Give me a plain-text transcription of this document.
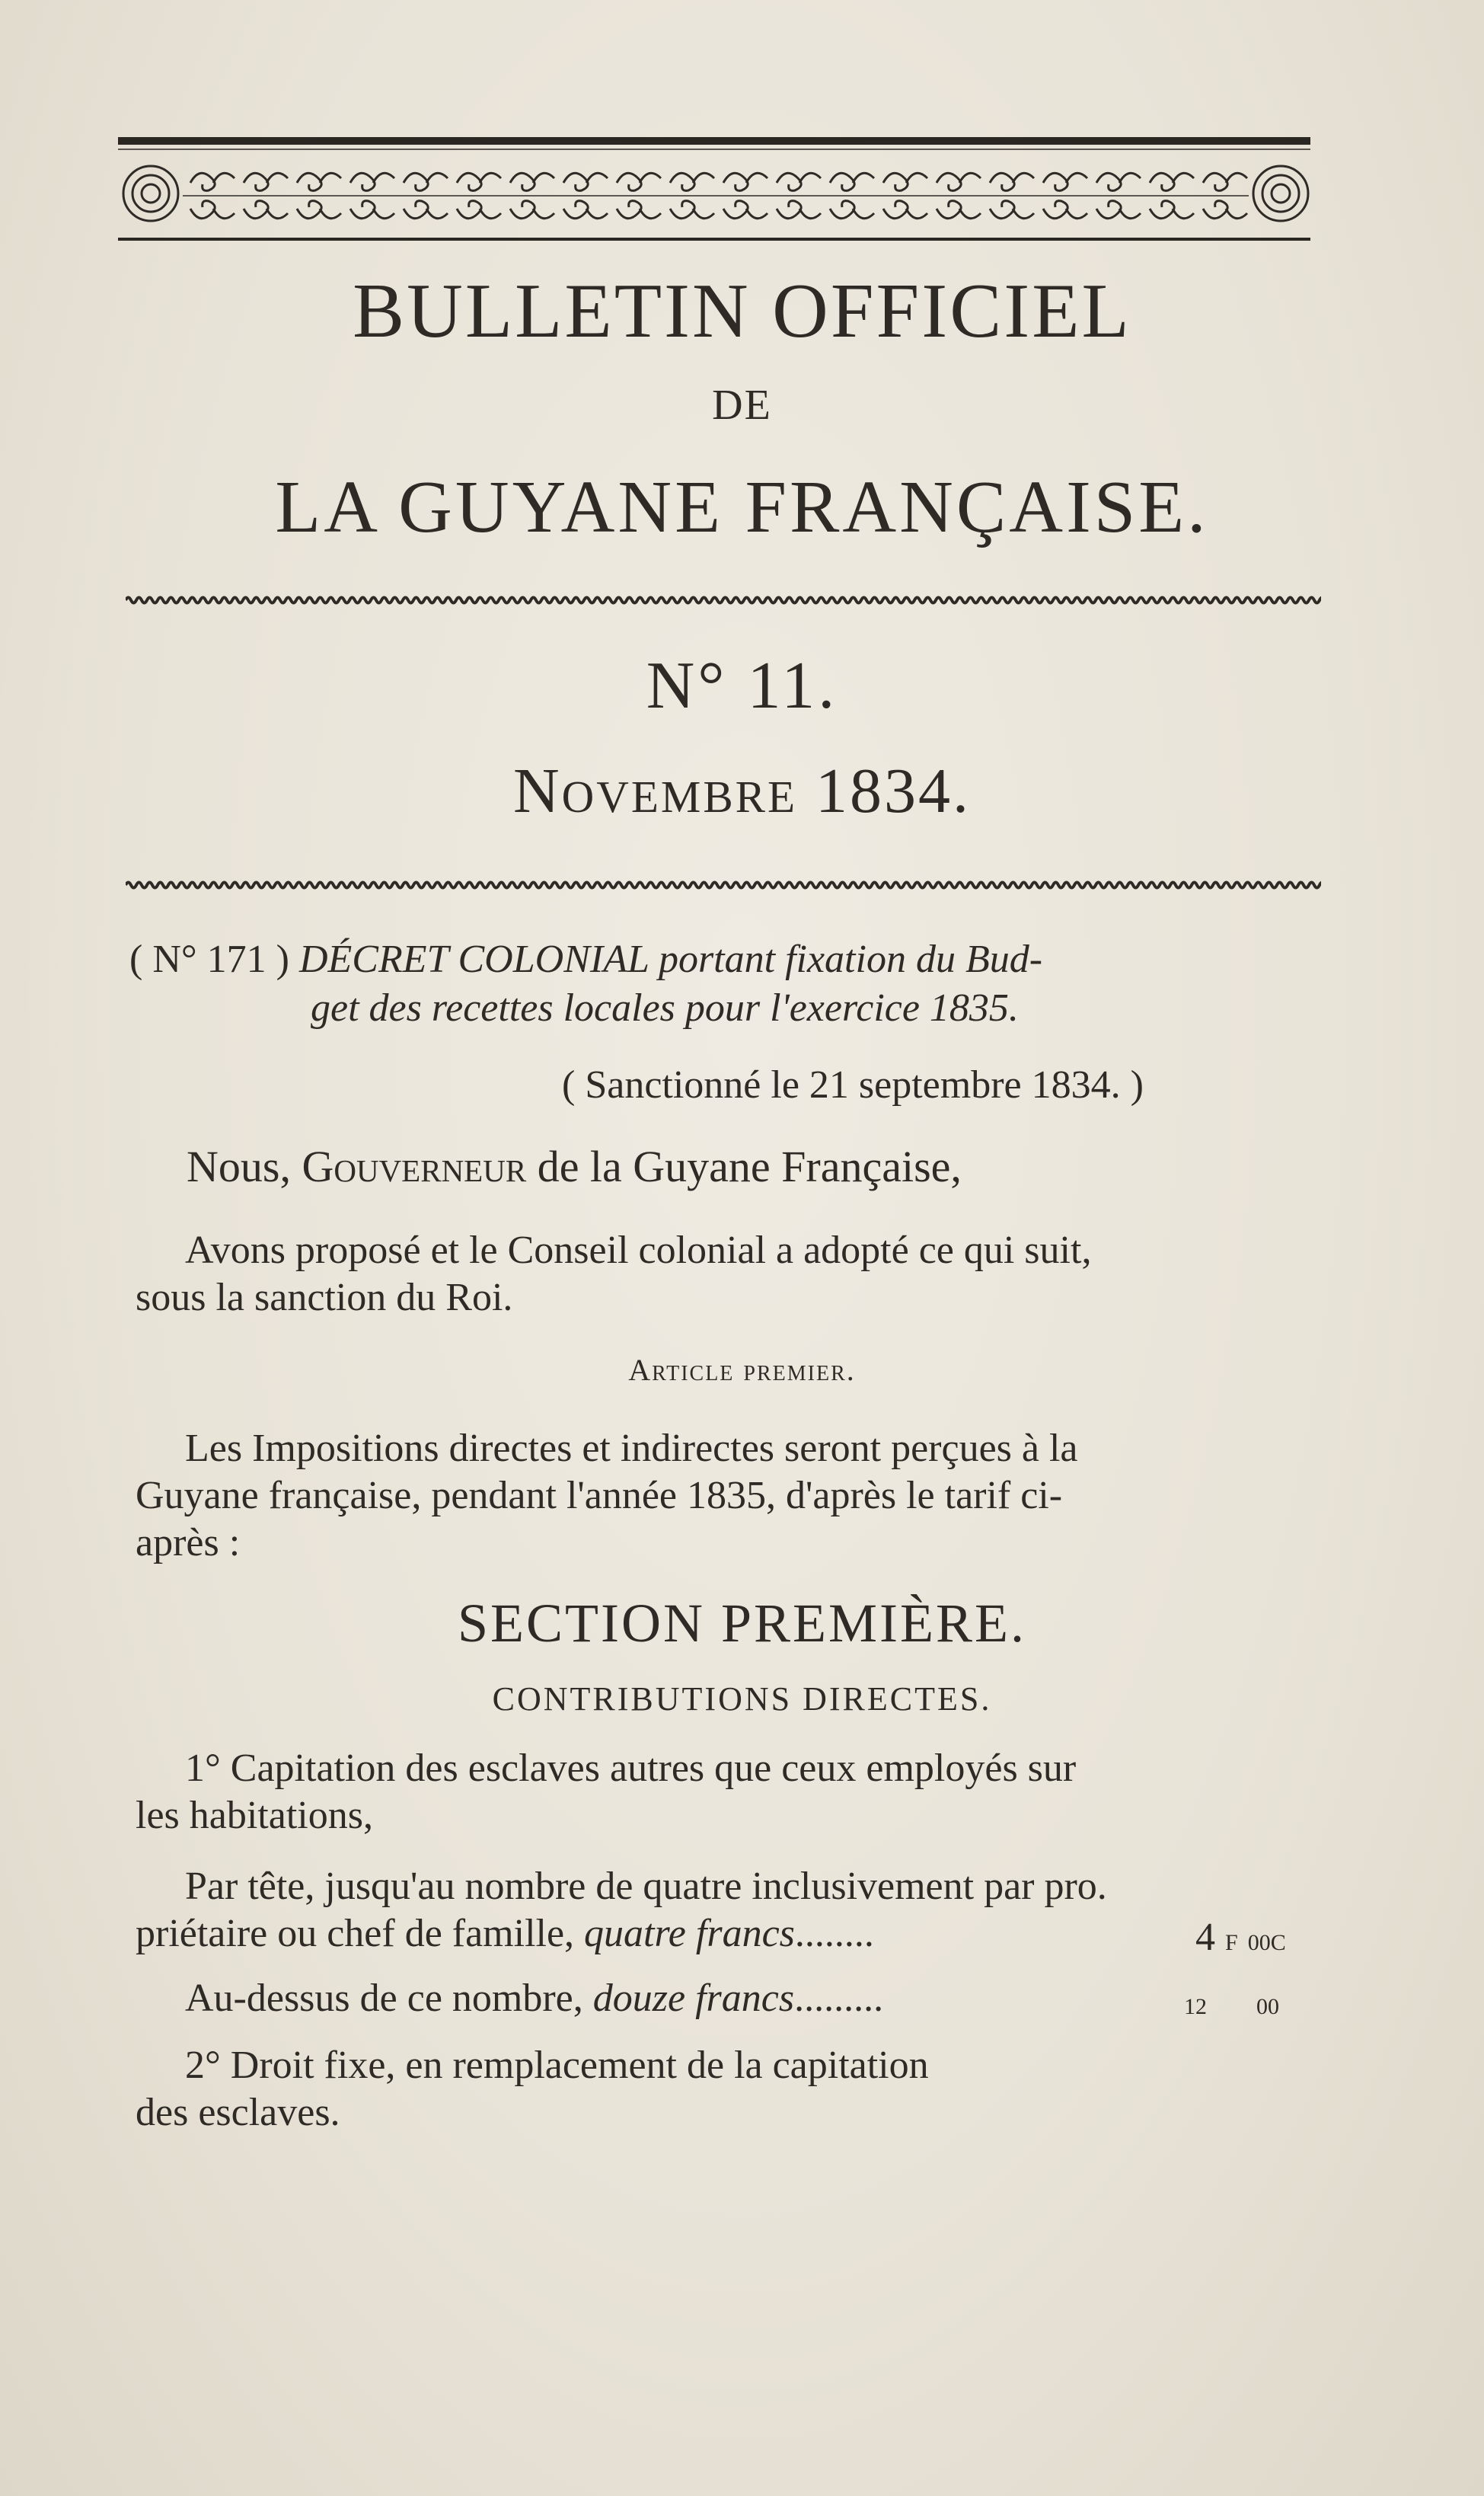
BULLETIN OFFICIEL
DE
LA GUYANE FRANÇAISE.
N° 11.
Novembre 1834.
( N° 171 ) DÉCRET COLONIAL portant fixation du Bud-
get des recettes locales pour l'exercice 1835.
( Sanctionné le 21 septembre 1834. )
Nous, Gouverneur de la Guyane Française,
Avons proposé et le Conseil colonial a adopté ce qui suit,
sous la sanction du Roi.
Article premier.
Les Impositions directes et indirectes seront perçues à la
Guyane française, pendant l'année 1835, d'après le tarif ci-
après :
SECTION PREMIÈRE.
CONTRIBUTIONS DIRECTES.
1° Capitation des esclaves autres que ceux employés sur
les habitations,
Par tête, jusqu'au nombre de quatre inclusivement par pro.
priétaire ou chef de famille, quatre francs........	4 F 00C
Au-dessus de ce nombre, douze francs.........	12 00
2° Droit fixe, en remplacement de la capitation
des esclaves.
